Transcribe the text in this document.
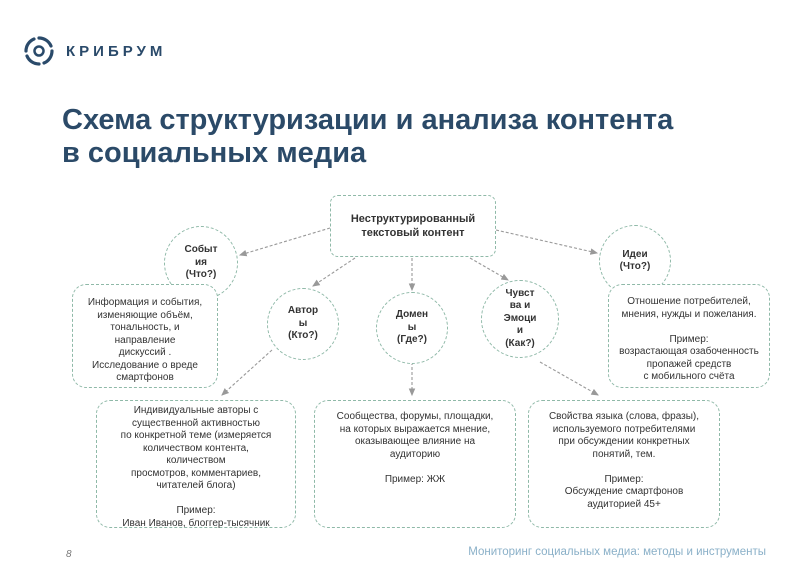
КРИБРУМ
Схема структуризации и анализа контента
в социальных медиа
Неструктурированный
текстовый контент
Событ
ия
(Что?)
Автор
ы
(Кто?)
Домен
ы
(Где?)
Чувст
ва и
Эмоци
и
(Как?)
Идеи
(Что?)
Информация и события,
изменяющие объём,
тональность, и
направление
дискуссий .
Исследование о вреде
смартфонов
Отношение потребителей,
мнения, нужды и пожелания.

Пример:
возрастающая озабоченность
пропажей средств
с мобильного счёта
Индивидуальные авторы с
существенной активностью
по конкретной теме (измеряется
количеством контента,
количеством
просмотров, комментариев,
читателей блога)

Пример:
Иван Иванов, блоггер-тысячник
Сообщества, форумы, площадки,
на которых выражается мнение,
оказывающее влияние на
аудиторию

Пример: ЖЖ
Свойства языка (слова, фразы),
используемого потребителями
при обсуждении конкретных
понятий, тем.

Пример:
Обсуждение смартфонов
аудиторией 45+
8	Мониторинг социальных медиа: методы и инструменты
